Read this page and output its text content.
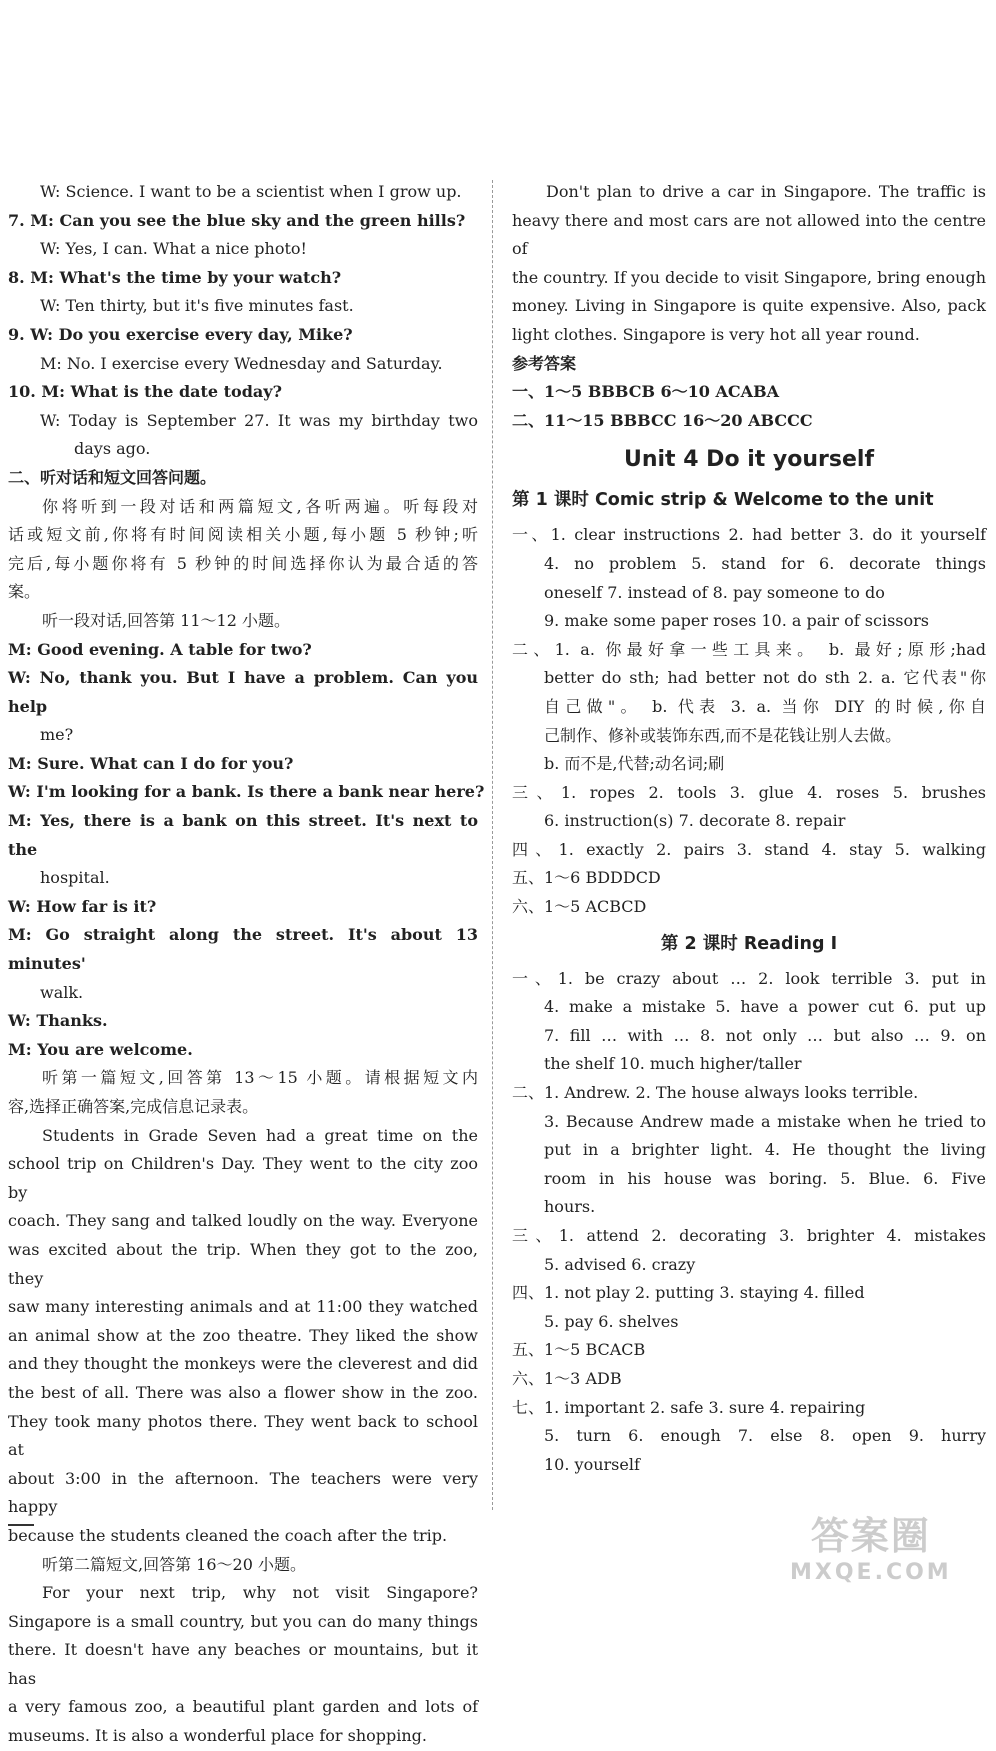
W: Science. I want to be a scientist when I grow up.
7. M: Can you see the blue sky and the green hills?
W: Yes, I can. What a nice photo!
8. M: What's the time by your watch?
W: Ten thirty, but it's five minutes fast.
9. W: Do you exercise every day, Mike?
M: No. I exercise every Wednesday and Saturday.
10. M: What is the date today?
W: Today is September 27. It was my birthday two
days ago.
二、听对话和短文回答问题。
你将听到一段对话和两篇短文,各听两遍。听每段对
话或短文前,你将有时间阅读相关小题,每小题 5 秒钟;听
完后,每小题你将有 5 秒钟的时间选择你认为最合适的答
案。
听一段对话,回答第 11～12 小题。
M: Good evening. A table for two?
W: No, thank you. But I have a problem. Can you help
me?
M: Sure. What can I do for you?
W: I'm looking for a bank. Is there a bank near here?
M: Yes, there is a bank on this street. It's next to the
hospital.
W: How far is it?
M: Go straight along the street. It's about 13 minutes'
walk.
W: Thanks.
M: You are welcome.
听第一篇短文,回答第 13～15 小题。请根据短文内
容,选择正确答案,完成信息记录表。
Students in Grade Seven had a great time on the
school trip on Children's Day. They went to the city zoo by
coach. They sang and talked loudly on the way. Everyone
was excited about the trip. When they got to the zoo, they
saw many interesting animals and at 11:00 they watched
an animal show at the zoo theatre. They liked the show
and they thought the monkeys were the cleverest and did
the best of all. There was also a flower show in the zoo.
They took many photos there. They went back to school at
about 3:00 in the afternoon. The teachers were very happy
because the students cleaned the coach after the trip.
听第二篇短文,回答第 16～20 小题。
For your next trip, why not visit Singapore?
Singapore is a small country, but you can do many things
there. It doesn't have any beaches or mountains, but it has
a very famous zoo, a beautiful plant garden and lots of
museums. It is also a wonderful place for shopping.
Don't plan to drive a car in Singapore. The traffic is
heavy there and most cars are not allowed into the centre of
the country. If you decide to visit Singapore, bring enough
money. Living in Singapore is quite expensive. Also, pack
light clothes. Singapore is very hot all year round.
参考答案
一、1～5 BBBCB 6～10 ACABA
二、11～15 BBBCC 16～20 ABCCC
Unit 4 Do it yourself
第 1 课时 Comic strip & Welcome to the unit
一、1. clear instructions 2. had better 3. do it yourself
4. no problem 5. stand for 6. decorate things
oneself 7. instead of 8. pay someone to do
9. make some paper roses 10. a pair of scissors
二、1. a. 你最好拿一些工具来。 b. 最好;原形;had
better do sth; had better not do sth 2. a. 它代表"你
自己做"。 b. 代表 3. a. 当你 DIY 的时候,你自
己制作、修补或装饰东西,而不是花钱让别人去做。
b. 而不是,代替;动名词;刷
三、1. ropes 2. tools 3. glue 4. roses 5. brushes
6. instruction(s) 7. decorate 8. repair
四、1. exactly 2. pairs 3. stand 4. stay 5. walking
五、1～6 BDDDCD
六、1～5 ACBCD
第 2 课时 Reading Ⅰ
一、1. be crazy about … 2. look terrible 3. put in
4. make a mistake 5. have a power cut 6. put up
7. fill … with … 8. not only … but also … 9. on
the shelf 10. much higher/taller
二、1. Andrew. 2. The house always looks terrible.
3. Because Andrew made a mistake when he tried to
put in a brighter light. 4. He thought the living
room in his house was boring. 5. Blue. 6. Five
hours.
三、1. attend 2. decorating 3. brighter 4. mistakes
5. advised 6. crazy
四、1. not play 2. putting 3. staying 4. filled
5. pay 6. shelves
五、1～5 BCACB
六、1～3 ADB
七、1. important 2. safe 3. sure 4. repairing
5. turn 6. enough 7. else 8. open 9. hurry
10. yourself
答案圈
MXQE.COM
